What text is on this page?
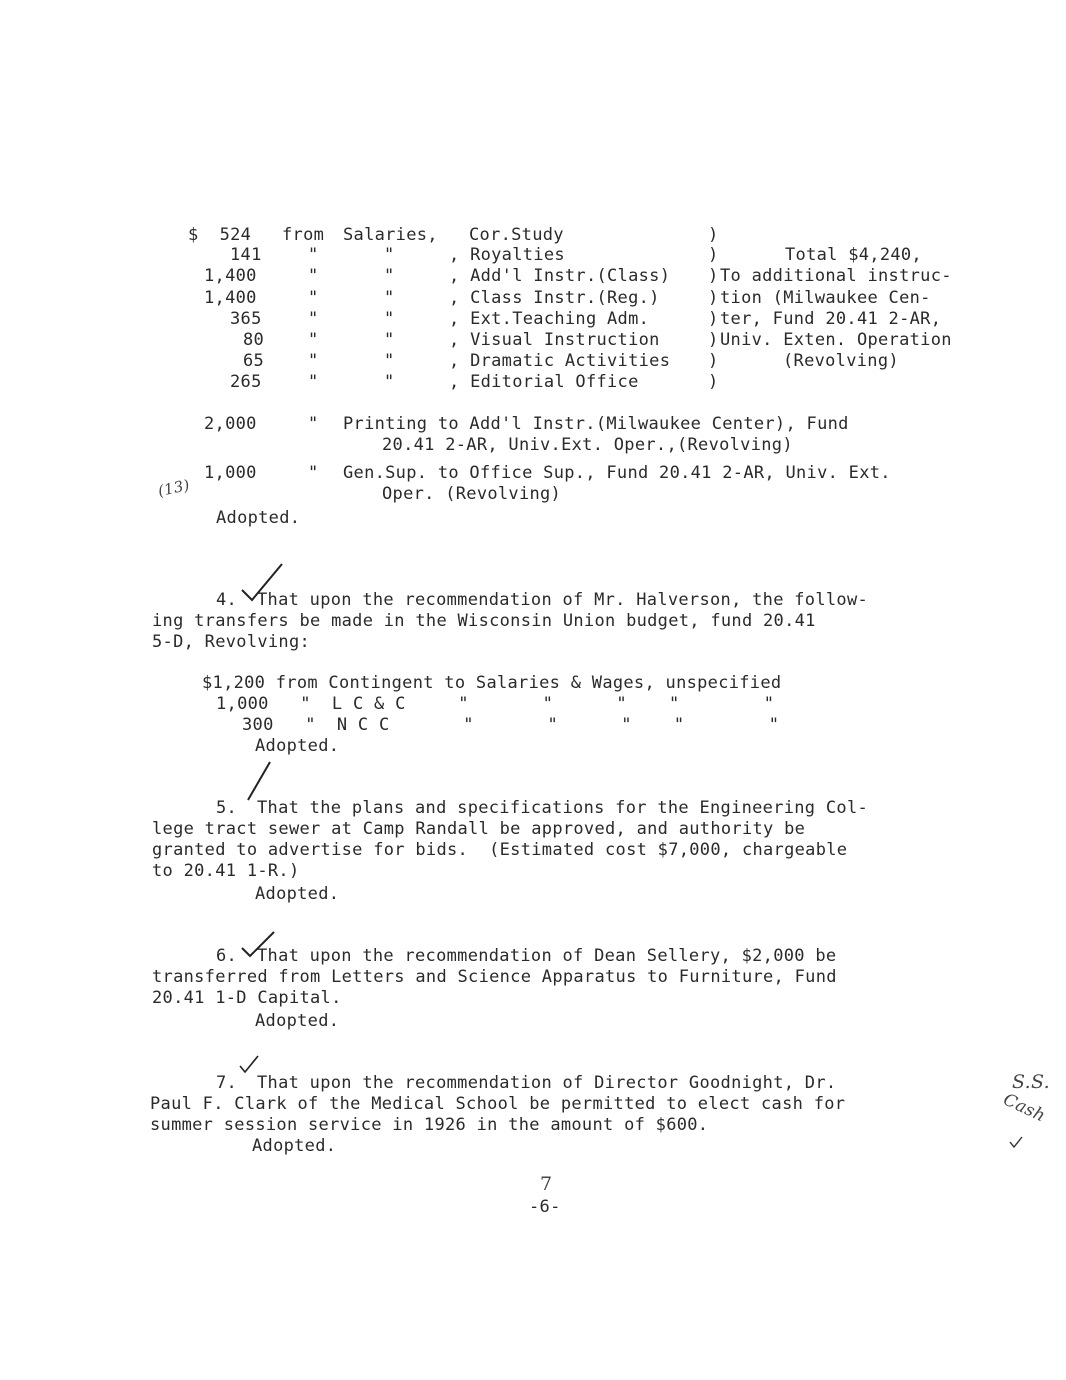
$  524
141
1,400
1,400
365
80
65
265
from
"
"
"
"
"
"
"
Salaries,
"
"
"
"
"
"
"
Cor.Study
, Royalties
, Add'l Instr.(Class)
, Class Instr.(Reg.)
, Ext.Teaching Adm.
, Visual Instruction
, Dramatic Activities
, Editorial Office
)
)
)
)
)
)
)
)
Total $4,240,
To additional instruc-
tion (Milwaukee Cen-
ter, Fund 20.41 2-AR,
Univ. Exten. Operation
(Revolving)
2,000	" Printing to Add'l Instr.(Milwaukee Center), Fund
20.41 2-AR, Univ.Ext. Oper.,(Revolving)
(13)
1,000	" Gen.Sup. to Office Sup., Fund 20.41 2-AR, Univ. Ext.
Oper. (Revolving)
Adopted.
4. That upon the recommendation of Mr. Halverson, the follow-
ing transfers be made in the Wisconsin Union budget, fund 20.41
5-D, Revolving:
$1,200 from Contingent to Salaries & Wages, unspecified
1,000   "  L C & C     "       "      "    "        "
300   "  N C C       "       "      "    "        "
Adopted.
5. That the plans and specifications for the Engineering Col-
lege tract sewer at Camp Randall be approved, and authority be
granted to advertise for bids.  (Estimated cost $7,000, chargeable
to 20.41 1-R.)
Adopted.
6. That upon the recommendation of Dean Sellery, $2,000 be
transferred from Letters and Science Apparatus to Furniture, Fund
20.41 1-D Capital.
Adopted.
7. That upon the recommendation of Director Goodnight, Dr.
Paul F. Clark of the Medical School be permitted to elect cash for
summer session service in 1926 in the amount of $600.
Adopted.
S.S.
Cash
7
-6-
